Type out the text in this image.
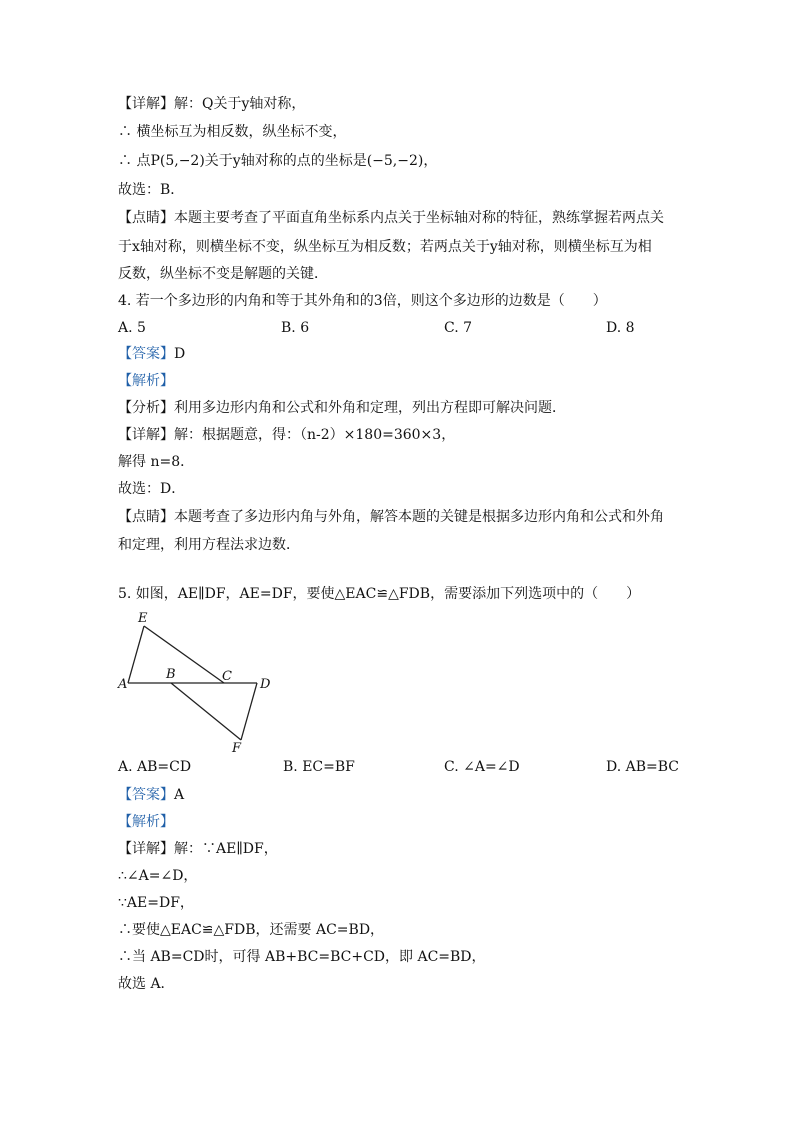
【详解】解：Q关于y轴对称，
∴ 横坐标互为相反数，纵坐标不变，
∴ 点P(5,−2)关于y轴对称的点的坐标是(−5,−2)，
故选：B．
【点睛】本题主要考查了平面直角坐标系内点关于坐标轴对称的特征，熟练掌握若两点关
于x轴对称，则横坐标不变，纵坐标互为相反数；若两点关于y轴对称，则横坐标互为相
反数，纵坐标不变是解题的关键．
4. 若一个多边形的内角和等于其外角和的3倍，则这个多边形的边数是（　　）
A. 5	B. 6	C. 7	D. 8
【答案】D
【解析】
【分析】利用多边形内角和公式和外角和定理，列出方程即可解决问题．
【详解】解：根据题意，得：（n-2）×180=360×3，
解得 n=8．
故选：D．
【点睛】本题考查了多边形内角与外角，解答本题的关键是根据多边形内角和公式和外角
和定理，利用方程法求边数．
5. 如图，AE∥DF，AE=DF，要使△EAC≌△FDB，需要添加下列选项中的（　　）
E
A
B	C
D
F
A. AB=CD	B. EC=BF	C. ∠A=∠D	D. AB=BC
【答案】A
【解析】
【详解】解：∵AE∥DF，
∴∠A=∠D，
∵AE=DF，
∴要使△EAC≌△FDB，还需要 AC=BD，
∴当 AB=CD时，可得 AB+BC=BC+CD，即 AC=BD，
故选 A．
